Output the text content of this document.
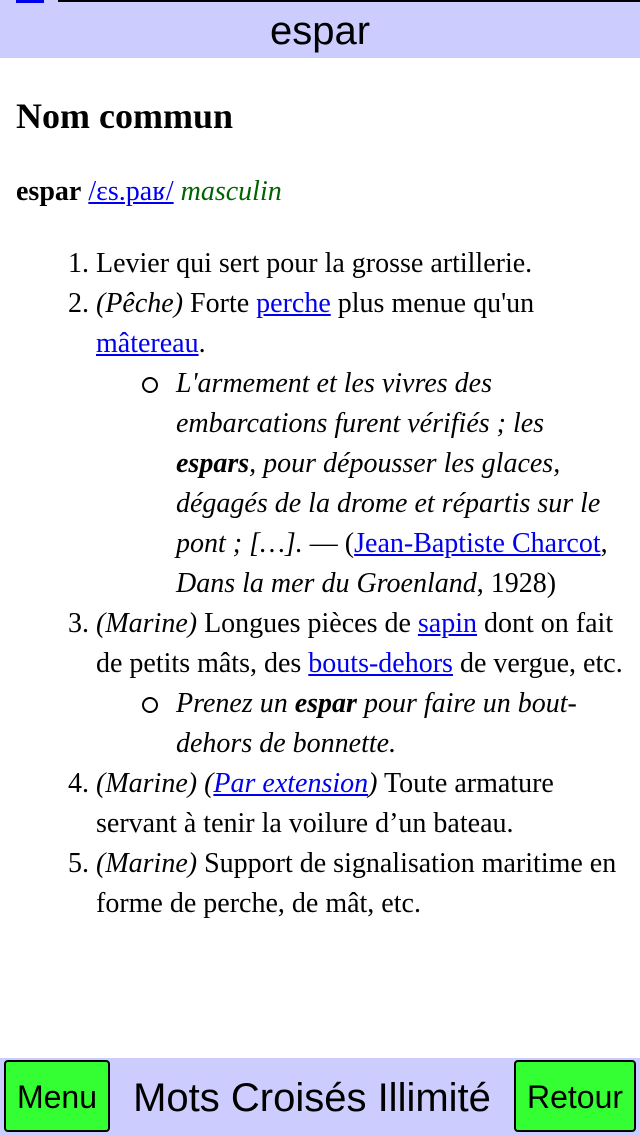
espar
Nom commun

espar /ɛs.paʁ/ masculin

1. Levier qui sert pour la grosse artillerie.
2. (Pêche) Forte perche plus menue qu'un mâtereau.
L'armement et les vivres des embarcations furent vérifiés ; les espars, pour dépousser les glaces, dégagés de la drome et répartis sur le pont ; […]. — (Jean-Baptiste Charcot, Dans la mer du Groenland, 1928)
3. (Marine) Longues pièces de sapin dont on fait de petits mâts, des bouts-dehors de vergue, etc.
Prenez un espar pour faire un bout-dehors de bonnette.
4. (Marine) (Par extension) Toute armature servant à tenir la voilure d’un bateau.
5. (Marine) Support de signalisation maritime en forme de perche, de mât, etc.
Menu Mots Croisés Illimité	Retour
